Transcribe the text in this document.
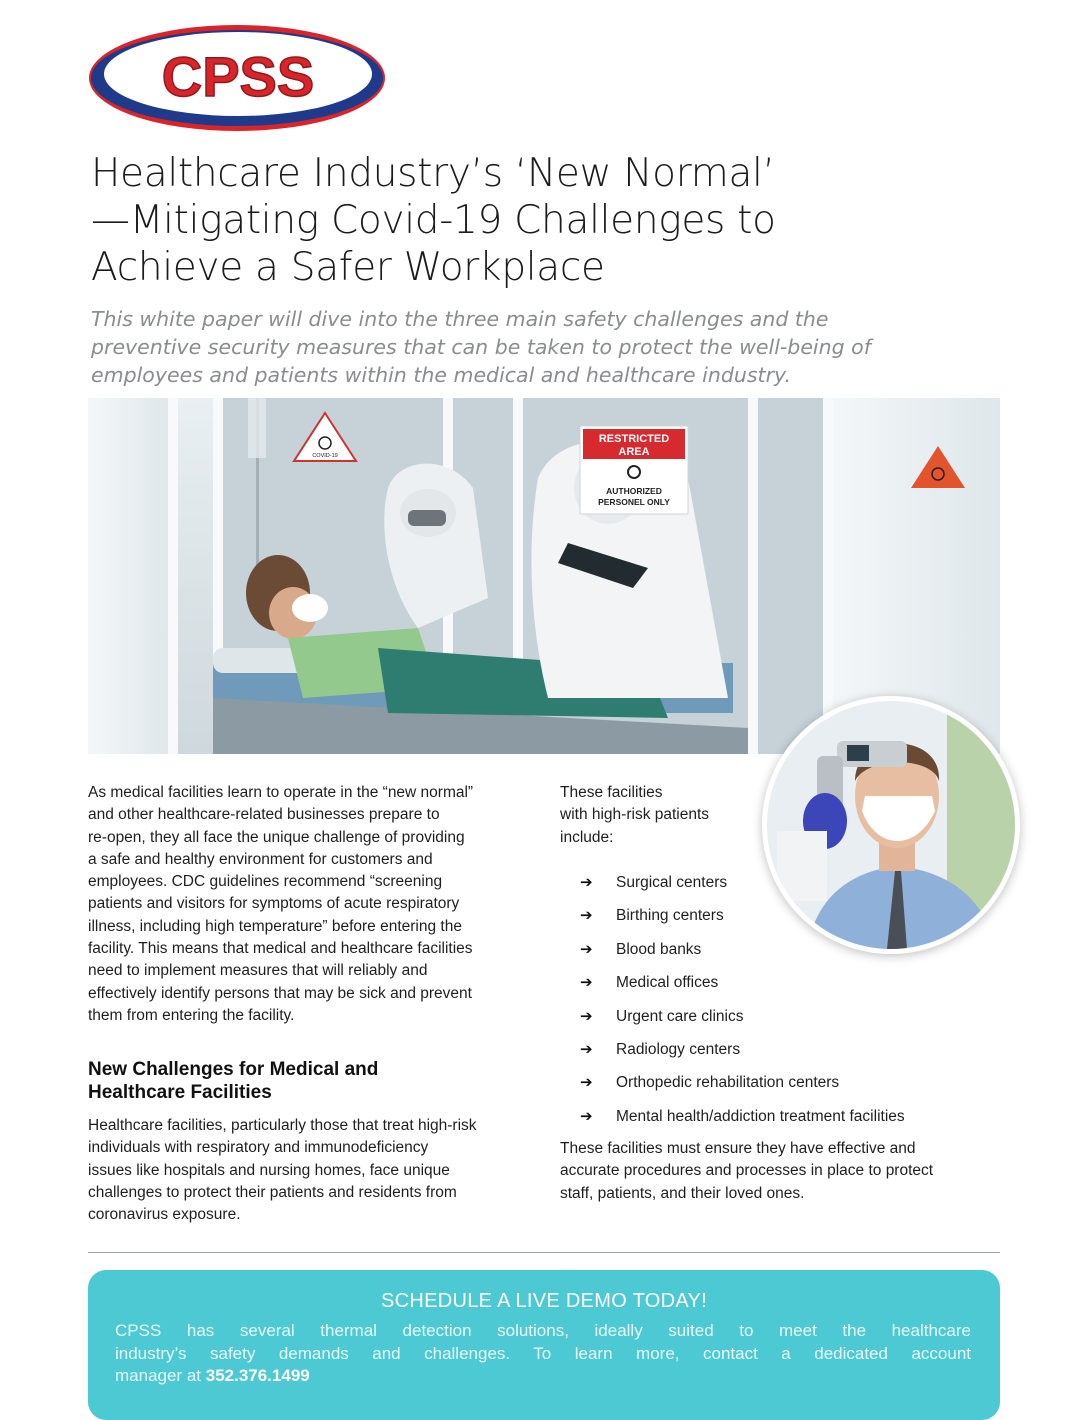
CPSS
Healthcare Industry’s ‘New Normal’
—Mitigating Covid-19 Challenges to
Achieve a Safer Workplace

This white paper will dive into the three main safety challenges and the
preventive security measures that can be taken to protect the well-being of
employees and patients within the medical and healthcare industry.

RESTRICTED
AREA
AUTHORIZED
PERSONEL ONLY
COVID-19

As medical facilities learn to operate in the “new normal”
and other healthcare-related businesses prepare to
re-open, they all face the unique challenge of providing
a safe and healthy environment for customers and
employees. CDC guidelines recommend “screening
patients and visitors for symptoms of acute respiratory
illness, including high temperature” before entering the
facility. This means that medical and healthcare facilities
need to implement measures that will reliably and
effectively identify persons that may be sick and prevent
them from entering the facility.

New Challenges for Medical and
Healthcare Facilities

Healthcare facilities, particularly those that treat high-risk
individuals with respiratory and immunodeficiency
issues like hospitals and nursing homes, face unique
challenges to protect their patients and residents from
coronavirus exposure.

These facilities
with high-risk patients
include:

➔	Surgical centers
➔	Birthing centers
➔	Blood banks
➔	Medical offices
➔	Urgent care clinics
➔	Radiology centers
➔	Orthopedic rehabilitation centers
➔	Mental health/addiction treatment facilities

These facilities must ensure they have effective and
accurate procedures and processes in place to protect
staff, patients, and their loved ones.

SCHEDULE A LIVE DEMO TODAY!

CPSS has several thermal detection solutions, ideally suited to meet the healthcare
industry’s safety demands and challenges. To learn more, contact a dedicated account
manager at 352.376.1499
